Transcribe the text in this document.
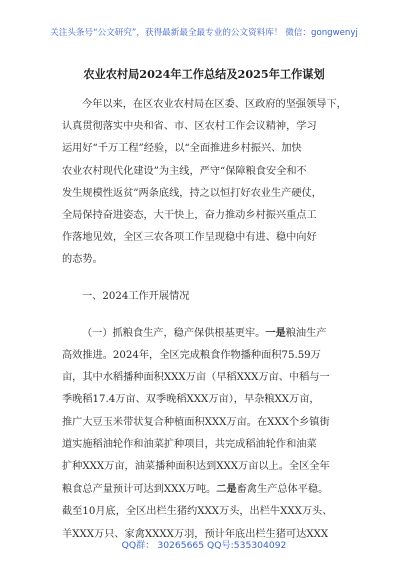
关注头条号“公文研究”，获得最新最全最专业的公文资料库！ 微信：gongwenyj
农业农村局2024年工作总结及2025年工作谋划
今年以来，在区农业农村局在区委、区政府的坚强领导下，
认真贯彻落实中央和省、市、区农村工作会议精神，学习
运用好“千万工程”经验，以“全面推进乡村振兴、加快
农业农村现代化建设”为主线，严守“保障粮食安全和不
发生规模性返贫”两条底线，持之以恒打好农业生产硬仗，
全局保持奋进姿态，大干快上，奋力推动乡村振兴重点工
作落地见效，全区三农各项工作呈现稳中有进、稳中向好
的态势。
一、2024工作开展情况
（一）抓粮食生产，稳产保供根基更牢。一是粮油生产
高效推进。2024年，全区完成粮食作物播种面积75.59万
亩，其中水稻播种面积XXX万亩（早稻XXX万亩、中稻与一
季晚稻17.4万亩、双季晚稻XXX万亩），早杂粮XX万亩，
推广大豆玉米带状复合种植面积XXX万亩。在XXX个乡镇街
道实施稻油轮作和油菜扩种项目，共完成稻油轮作和油菜
扩种XXX万亩，油菜播种面积达到XXX万亩以上。全区全年
粮食总产量预计可达到XXX万吨。二是畜禽生产总体平稳。
截至10月底，全区出栏生猪约XXX万头，出栏牛XXX万头、
羊XXX万只、家禽XXXX万羽，预计年底出栏生猪可达XXX
QQ群： 30265665 QQ号:535304092
